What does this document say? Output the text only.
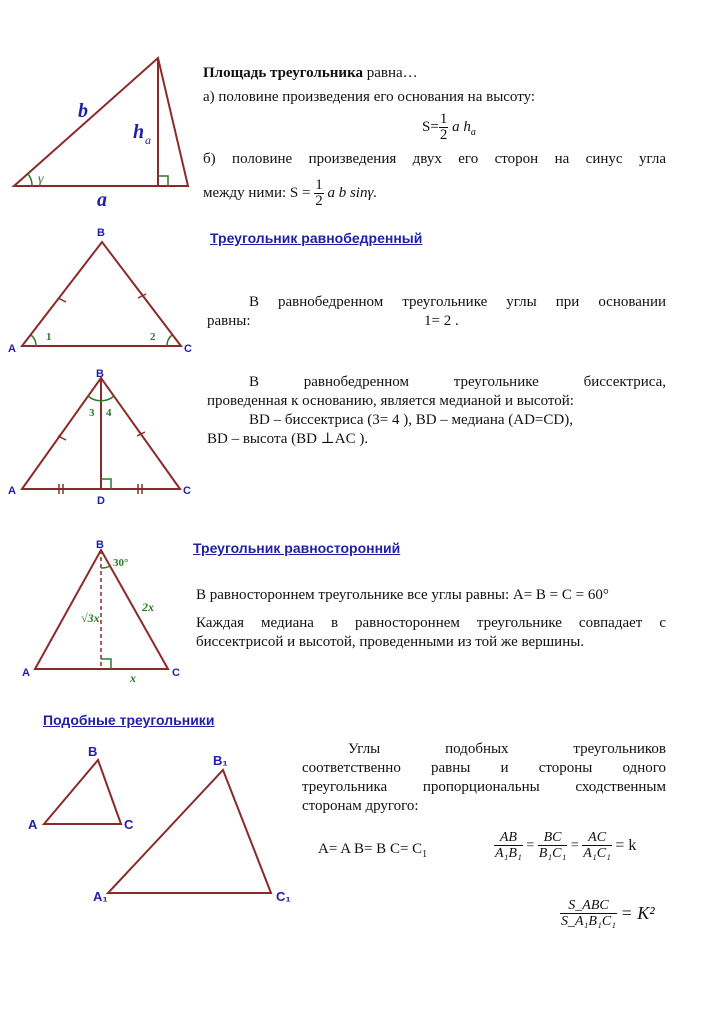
b
h a
γ
a
Площадь треугольника равна…
а) половине произведения его основания на высоту:
$S= \frac{1}{2}$ a $h_a$
б) половине произведения двух его сторон на синус угла
между ними: $S = \frac{1}{2}$ a b sinγ.
Треугольник равнобедренный
B
A	C
1	2
В равнобедренном треугольнике углы при основании
равны:	1= 2 .
B
A	C
D
3 4
В равнобедренном треугольнике биссектриса,
проведенная к основанию, является медианой и высотой:
BD – биссектриса (3= 4 ), BD – медиана (AD=CD),
BD – высота (BD ⊥AC ).
Треугольник равносторонний
B
A	C
30°
2x
√3x
x
В равностороннем треугольнике все углы равны: A= B = C = 60°
Каждая медиана в равностороннем треугольнике совпадает с
биссектрисой и высотой, проведенными из той же вершины.
Подобные треугольники
B
A	C
B₁
A₁	C₁
Углы подобных треугольников
соответственно равны и стороны одного
треугольника пропорциональны сходственным
сторонам другого:
A= A B= B $C= C_1$	$\frac{AB}{\text{A₁B₁}} = \frac{BC}{\text{B₁C₁}} = \frac{AC}{\text{A₁C₁}} = k$
$\frac{\text{S\_ABC}}{\text{S\_A₁B₁C₁}} = K^2$
